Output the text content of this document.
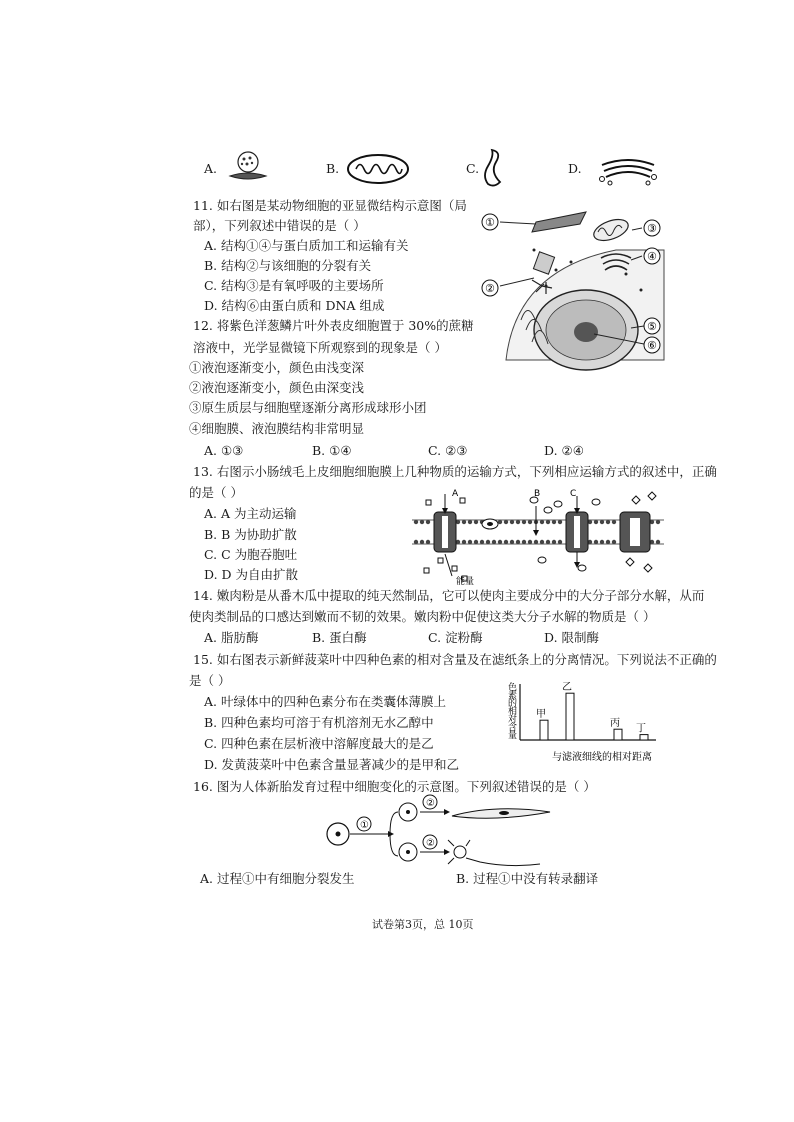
A.	B.	C.	D.
11. 如右图是某动物细胞的亚显微结构示意图（局
部），下列叙述中错误的是（ ）
A. 结构①④与蛋白质加工和运输有关
B. 结构②与该细胞的分裂有关
C. 结构③是有氧呼吸的主要场所
D. 结构⑥由蛋白质和 DNA 组成
①
②
③
④
⑤
⑥
12. 将紫色洋葱鳞片叶外表皮细胞置于 30%的蔗糖
溶液中，光学显微镜下所观察到的现象是（ ）
①液泡逐渐变小，颜色由浅变深
②液泡逐渐变小，颜色由深变浅
③原生质层与细胞壁逐渐分离形成球形小团
④细胞膜、液泡膜结构非常明显
A. ①③	B. ①④	C. ②③	D. ②④
13. 右图示小肠绒毛上皮细胞细胞膜上几种物质的运输方式，下列相应运输方式的叙述中，正确
的是（ ）
A. A 为主动运输
B. B 为协助扩散
C. C 为胞吞胞吐
D. D 为自由扩散
A	B	C
能量
14. 嫩肉粉是从番木瓜中提取的纯天然制品，它可以使肉主要成分中的大分子部分水解，从而
使肉类制品的口感达到嫩而不韧的效果。嫩肉粉中促使这类大分子水解的物质是（ ）
A. 脂肪酶	B. 蛋白酶	C. 淀粉酶	D. 限制酶
15. 如右图表示新鲜菠菜叶中四种色素的相对含量及在滤纸条上的分离情况。下列说法不正确的
是（ ）
A. 叶绿体中的四种色素分布在类囊体薄膜上
B. 四种色素均可溶于有机溶剂无水乙醇中
C. 四种色素在层析液中溶解度最大的是乙
D. 发黄菠菜叶中色素含量显著减少的是甲和乙
色素的相对含量
甲
乙
丙 丁
与滤液细线的相对距离
16. 图为人体新胎发育过程中细胞变化的示意图。下列叙述错误的是（ ）
①
②
②
A. 过程①中有细胞分裂发生	B. 过程①中没有转录翻译
试卷第3页，总 10页
